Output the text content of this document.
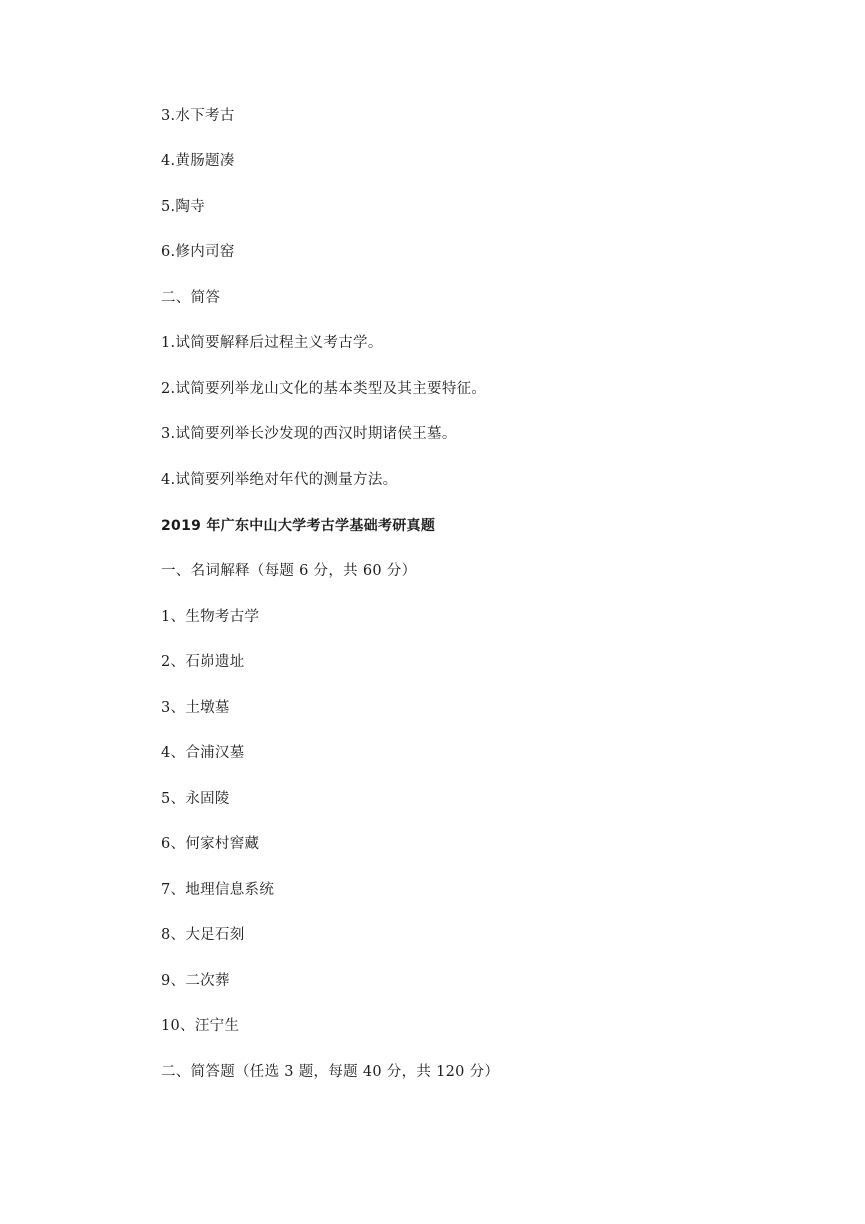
3.水下考古
4.黄肠题凑
5.陶寺
6.修内司窑
二、简答
1.试简要解释后过程主义考古学。
2.试简要列举龙山文化的基本类型及其主要特征。
3.试简要列举长沙发现的西汉时期诸侯王墓。
4.试简要列举绝对年代的测量方法。
2019 年广东中山大学考古学基础考研真题
一、名词解释（每题 6 分，共 60 分）
1、生物考古学
2、石峁遗址
3、土墩墓
4、合浦汉墓
5、永固陵
6、何家村窖藏
7、地理信息系统
8、大足石刻
9、二次葬
10、汪宁生
二、简答题（任选 3 题，每题 40 分，共 120 分）
